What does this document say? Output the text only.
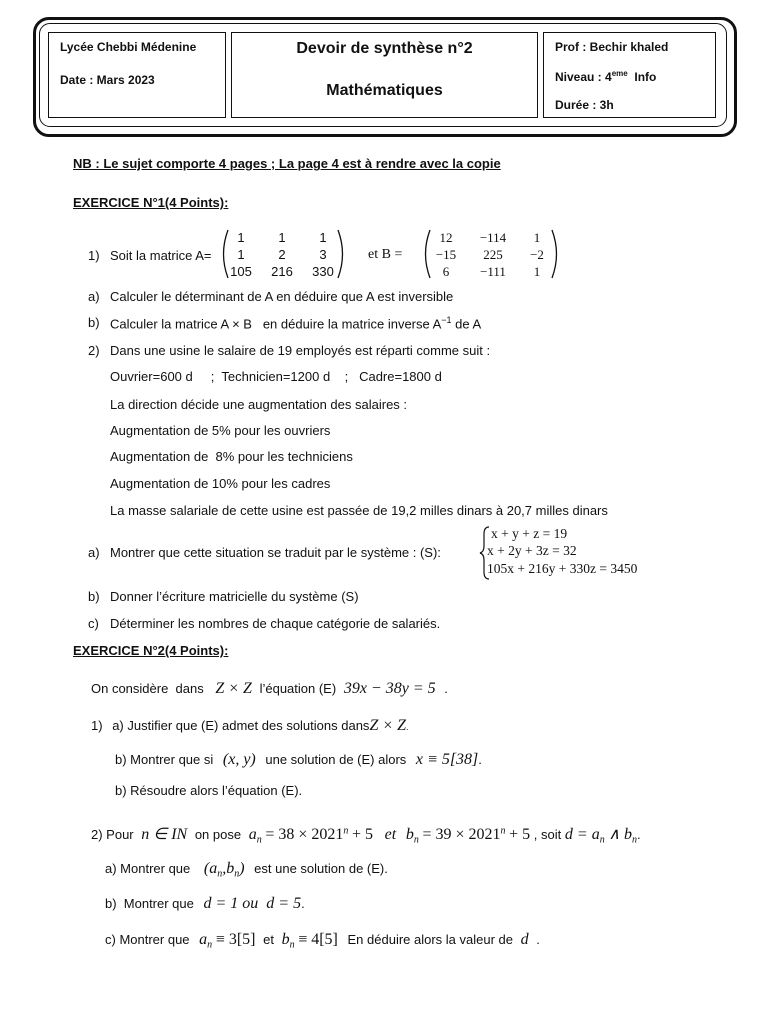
Lycée Chebbi Médenine
Date : Mars 2023
Devoir de synthèse n°2
Mathématiques
Prof : Bechir khaled
Niveau : 4eme  Info
Durée : 3h
NB : Le sujet comporte 4 pages ; La page 4 est à rendre avec la copie
EXERCICE N°1(4 Points):
1) Soit la matrice A=
1	1	1
1	2	3
105	216	330
et B =
12	−114	1
−15	225	−2
6	−111	1
a) Calculer le déterminant de A en déduire que A est inversible
b) Calculer la matrice A × B   en déduire la matrice inverse $A^{-1}$ de A
2) Dans une usine le salaire de 19 employés est réparti comme suit :
Ouvrier=600 d     ;  Technicien=1200 d    ;   Cadre=1800 d
La direction décide une augmentation des salaires :
Augmentation de 5% pour les ouvriers
Augmentation de  8% pour les techniciens
Augmentation de 10% pour les cadres
La masse salariale de cette usine est passée de 19,2 milles dinars à 20,7 milles dinars
a) Montrer que cette situation se traduit par le système : (S):
x + y + z = 19
x + 2y + 3z = 32
105x + 216y + 330z = 3450
b) Donner l’écriture matricielle du système (S)
c) Déterminer les nombres de chaque catégorie de salariés.
EXERCICE N°2(4 Points):
On considère  dans Z × Z l’équation (E) 39x − 38y = 5 .
1) a) Justifier que (E) admet des solutions dansZ × Z.
b) Montrer que si (x, y) une solution de (E) alors x ≡ 5[38].
b) Résoudre alors l’équation (E).
2) Pour n ∈ IN on pose $a_n = 38 \times 2021^n + 5$ et $b_n = 39 \times 2021^n + 5$ , soit $d = a_n$ ∧ $b_n$.
a) Montrer que $(a_n,b_n)$ est une solution de (E).
b)  Montrer que d = 1 ou  d = 5.
c) Montrer que $a_n \equiv 3[5]$ et $b_n \equiv 4[5]$ En déduire alors la valeur de d .
